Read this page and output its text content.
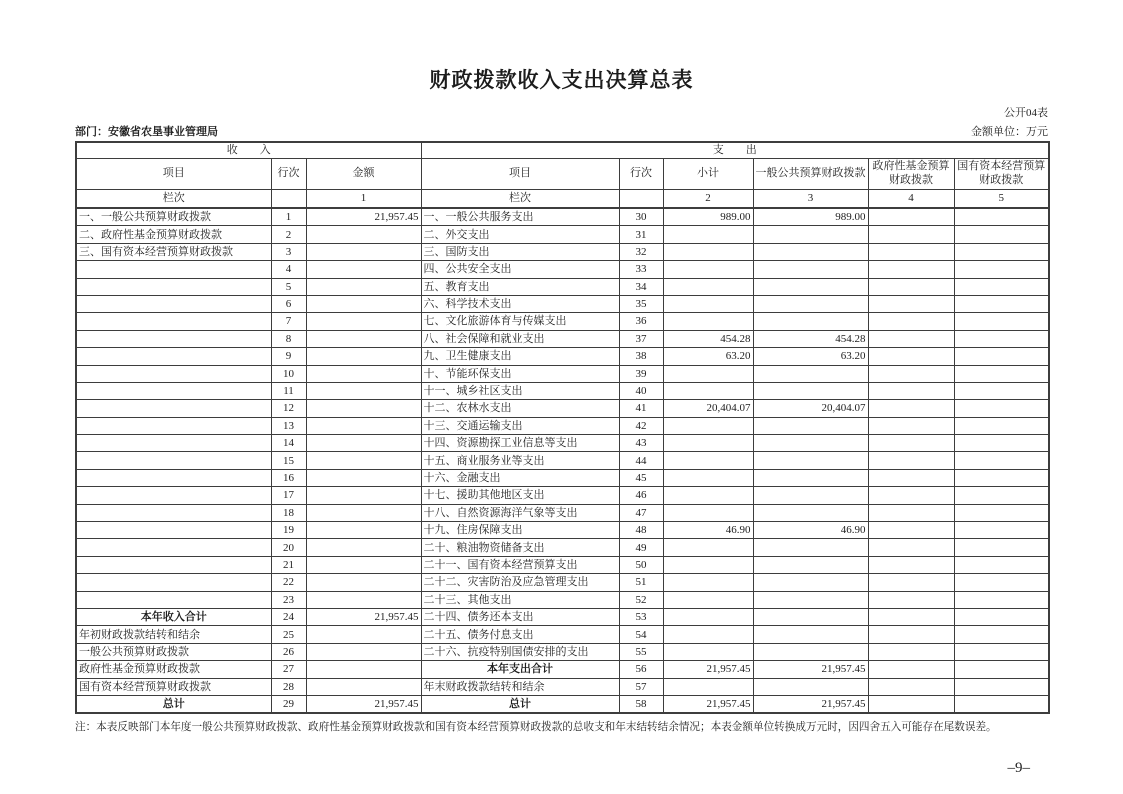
财政拨款收入支出决算总表
公开04表
部门：安徽省农垦事业管理局	金额单位：万元
收　　入			支　　出					
项目	行次	金额	项目	行次	小计	一般公共预算财政拨款	政府性基金预算财政拨款	国有资本经营预算财政拨款
栏次		1	栏次		2	3	4	5
一、一般公共预算财政拨款	1	21,957.45	一、一般公共服务支出	30	989.00	989.00		
二、政府性基金预算财政拨款	2		二、外交支出	31				
三、国有资本经营预算财政拨款	3		三、国防支出	32				
	4		四、公共安全支出	33				
	5		五、教育支出	34				
	6		六、科学技术支出	35				
	7		七、文化旅游体育与传媒支出	36				
	8		八、社会保障和就业支出	37	454.28	454.28		
	9		九、卫生健康支出	38	63.20	63.20		
	10		十、节能环保支出	39				
	11		十一、城乡社区支出	40				
	12		十二、农林水支出	41	20,404.07	20,404.07		
	13		十三、交通运输支出	42				
	14		十四、资源勘探工业信息等支出	43				
	15		十五、商业服务业等支出	44				
	16		十六、金融支出	45				
	17		十七、援助其他地区支出	46				
	18		十八、自然资源海洋气象等支出	47				
	19		十九、住房保障支出	48	46.90	46.90		
	20		二十、粮油物资储备支出	49				
	21		二十一、国有资本经营预算支出	50				
	22		二十二、灾害防治及应急管理支出	51				
	23		二十三、其他支出	52				
本年收入合计	24	21,957.45	二十四、债务还本支出	53				
年初财政拨款结转和结余	25		二十五、债务付息支出	54				
一般公共预算财政拨款	26		二十六、抗疫特别国债安排的支出	55				
政府性基金预算财政拨款	27		本年支出合计	56	21,957.45	21,957.45		
国有资本经营预算财政拨款	28		年末财政拨款结转和结余	57				
总计	29	21,957.45	总计	58	21,957.45	21,957.45		
注：本表反映部门本年度一般公共预算财政拨款、政府性基金预算财政拨款和国有资本经营预算财政拨款的总收支和年末结转结余情况；本表金额单位转换成万元时，因四舍五入可能存在尾数误差。
–9–
